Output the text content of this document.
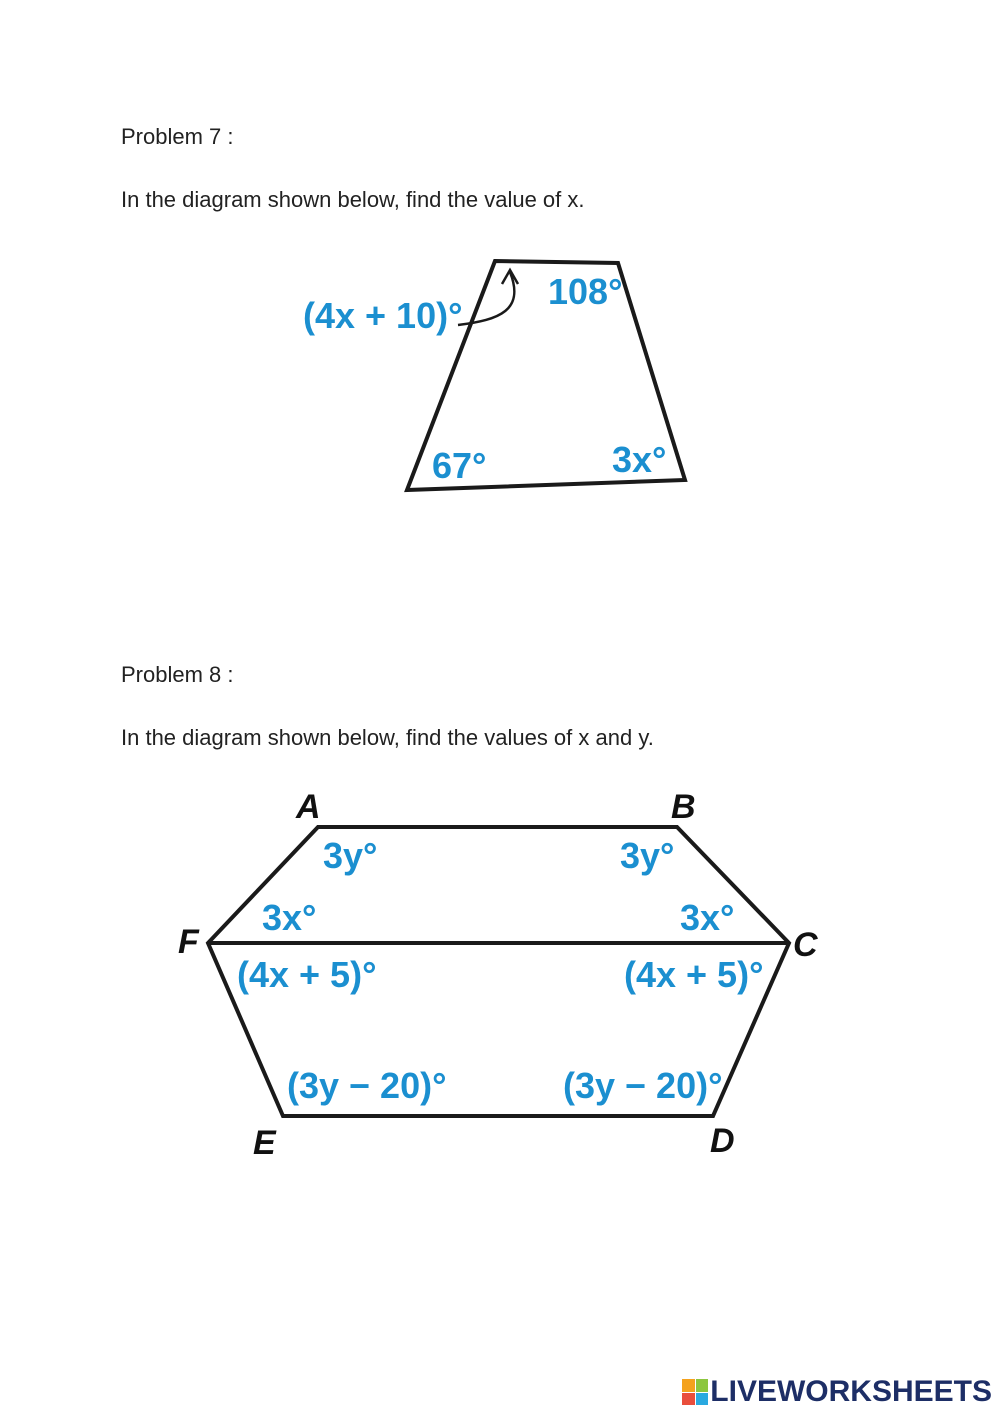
Problem 7 :
In the diagram shown below, find the value of x.
(4x + 10)°
108°
67°	3x°
Problem 8 :
In the diagram shown below, find the values of x and y.
A	B
C
D
E
F
3y°	3y°
3x°	3x°
(4x + 5)°	(4x + 5)°
(3y − 20)°	(3y − 20)°
LIVEWORKSHEETS
